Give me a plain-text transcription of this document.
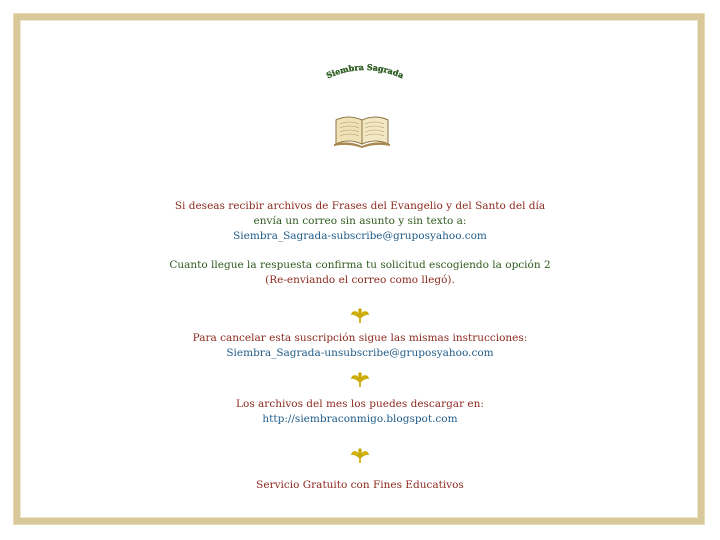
Siembra Sagrada
Si deseas recibir archivos de Frases del Evangelio y del Santo del día
envía un correo sin asunto y sin texto a:
Siembra_Sagrada-subscribe@gruposyahoo.com
Cuanto llegue la respuesta confirma tu solicitud escogiendo la opción 2
(Re-enviando el correo como llegó).
Para cancelar esta suscripción sigue las mismas instrucciones:
Siembra_Sagrada-unsubscribe@gruposyahoo.com
Los archivos del mes los puedes descargar en:
http://siembraconmigo.blogspot.com
Servicio Gratuito con Fines Educativos
